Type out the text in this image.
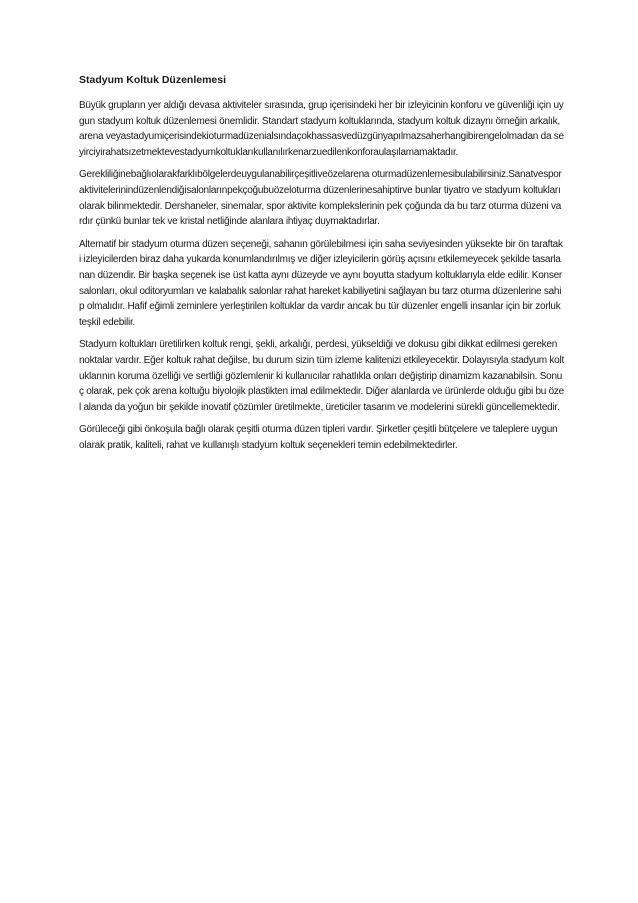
Stadyum Koltuk Düzenlemesi

Büyük grupların yer aldığı devasa aktiviteler sırasında, grup içerisindeki her bir izleyicinin konforu ve güvenliği için uygun stadyum koltuk düzenlemesi önemlidir. Standart stadyum koltuklarında, stadyum koltuk dizaynı örneğin arkalık, arena veyastadyumiçerisindekioturmadüzenialsındaçokhassasvedüzgünyapılmazsaherhangibirengelolmadan da seyirciyirahatsızetmektevestadyumkoltuklarıkullanılırkenarzuedilenkonforaulaşılamamaktadır.

Gerekliliğinebağlıolarakfarklıbölgelerdeuygulanabilirçeşitliveözelarena oturmadüzenlemesibulabilirsiniz.Sanatvesporaktivitelerinindüzenlendiğisalonlarınpekçoğubuözeloturma düzenlerinesahiptirve bunlar tiyatro ve stadyum koltukları olarak bilinmektedir. Dershaneler, sinemalar, spor aktivite komplekslerinin pek çoğunda da bu tarz oturma düzeni vardır çünkü bunlar tek ve kristal netliğinde alanlara ihtiyaç duymaktadırlar.

Alternatif bir stadyum oturma düzen seçeneği, sahanın görülebilmesi için saha seviyesinden yüksekte bir ön taraftaki izleyicilerden biraz daha yukarda konumlandırılmış ve diğer izleyicilerin görüş açısını etkilemeyecek şekilde tasarlanan düzendir. Bir başka seçenek ise üst katta aynı düzeyde ve aynı boyutta stadyum koltuklarıyla elde edilir. Konser salonları, okul oditoryumları ve kalabalık salonlar rahat hareket kabiliyetini sağlayan bu tarz oturma düzenlerine sahip olmalıdır. Hafif eğimli zeminlere yerleştirilen koltuklar da vardır ancak bu tür düzenler engelli insanlar için bir zorluk teşkil edebilir.

Stadyum koltukları üretilirken koltuk rengi, şekli, arkalığı, perdesi, yükseldiği ve dokusu gibi dikkat edilmesi gereken noktalar vardır. Eğer koltuk rahat değilse, bu durum sizin tüm izleme kalitenizi etkileyecektir. Dolayısıyla stadyum koltuklarının koruma özelliği ve sertliği gözlemlenir ki kullanıcılar rahatlıkla onları değiştirip dinamizm kazanabilsin. Sonuç olarak, pek çok arena koltuğu biyolojik plastikten imal edilmektedir. Diğer alanlarda ve ürünlerde olduğu gibi bu özel alanda da yoğun bir şekilde inovatif çözümler üretilmekte, üreticiler tasarım ve modelerini sürekli güncellemektedir.

Görüleceği gibi önkoşula bağlı olarak çeşitli oturma düzen tipleri vardır. Şirketler çeşitli bütçelere ve taleplere uygun olarak pratik, kaliteli, rahat ve kullanışlı stadyum koltuk seçenekleri temin edebilmektedirler.
